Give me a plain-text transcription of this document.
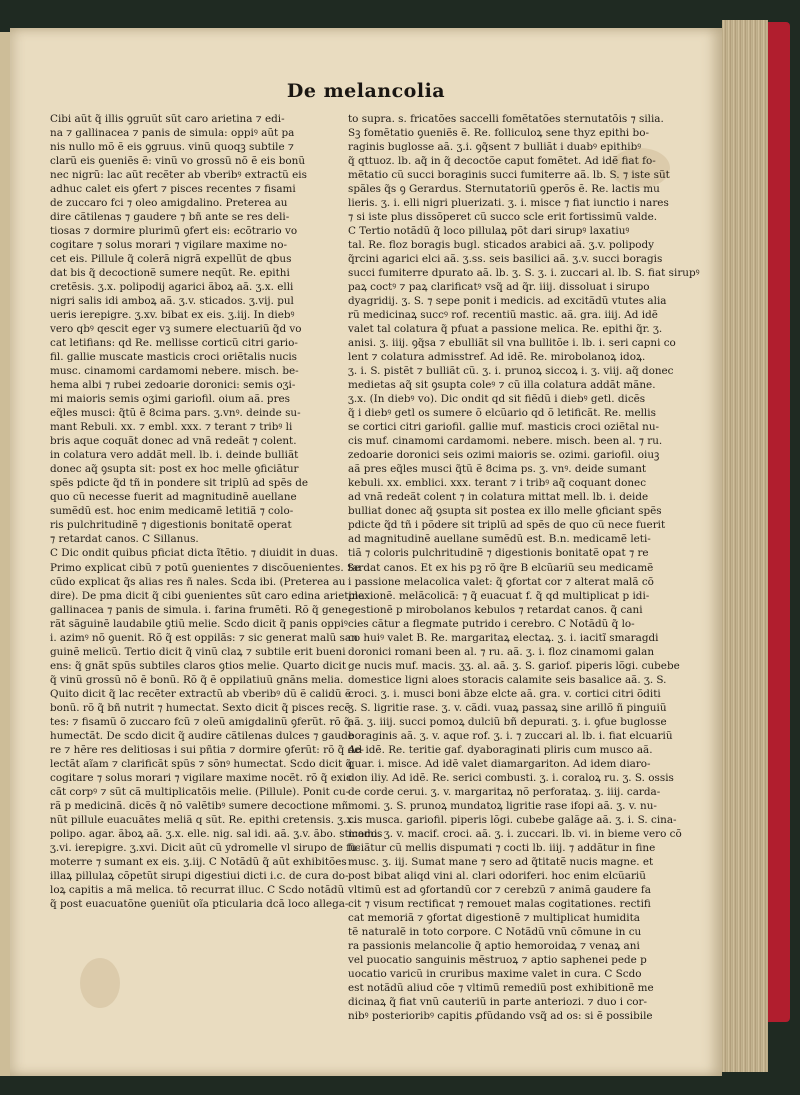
De melancolia

Cibi aũt q̃ illis ꝯgruũt sũt caro arietina ⁊ edi-

na ⁊ gallinacea ⁊ panis de simula: oppiꝰ aũt pa

nis nullo mõ ẽ eis ꝯgruus. vinũ quoqꝫ subtile ⁊

clarũ eis ꝯueniẽs ẽ: vinũ vo grossũ nõ ẽ eis bonũ

nec nigrũ: lac aũt recẽter ab vberibꝰ extractũ eis

adhuc calet eis ꝯfert ⁊ pisces recentes ⁊ fisami

de zuccaro fci ⁊ oleo amigdalino. Preterea au

dire cãtilenas ⁊ gaudere ⁊ bñ ante se res deli-

tiosas ⁊ dormire plurimũ ꝯfert eis: ecõtrario vo

cogitare ⁊ solus morari ⁊ vigilare maxime no-

cet eis. Pillule q̃ colerã nigrã expellũt de qbus

dat bis q̃ decoctionẽ sumere neqũt. Re. epithi

cretẽsis. ʒ.x. polipodij agarici ãboꝝ aã. ʒ.x. elli

nigri salis idi amboꝝ aã. ʒ.v. sticados. ʒ.vij. pul

ueris ierepigre. ʒ.xv. bibat ex eis. ʒ.iij. In diebꝰ

vero qbꝰ qescit eger vꝫ sumere electuariũ q̃d vo

cat letifians: qd Re. mellisse corticũ citri gario-

fil. gallie muscate masticis croci oriẽtalis nucis

musc. cinamomi cardamomi nebere. misch. be-

hema albi ⁊ rubei zedoarie doronici: semis oʒi-

mi maioris semis oʒimi gariofil. oium aã. pres

eq̃les musci: q̃tũ ẽ 8cima pars. ʒ.vnꝰ. deinde su-

mant Rebuli. xx. ⁊ embl. xxx. ⁊ terant ⁊ tribꝰ li

bris aque coquãt donec ad vnã redeãt ⁊ colent.

in colatura vero addãt mell. lb. i. deinde bulliãt

donec aq̃ ꝯsupta sit: post ex hoc melle ꝯficiãtur

spẽs pdicte q̃d tñ in pondere sit triplũ ad spẽs de

quo cũ necesse fuerit ad magnitudinẽ auellane

sumẽdũ est. hoc enim medicamẽ letitiã ⁊ colo-

ris pulchritudinẽ ⁊ digestionis bonitatẽ operat

⁊ retardat canos. C Sillanus.

C Dic ondit quibus pficiat dicta ĩtẽtio. ⁊ diuidit in duas.

Primo explicat cibũ ⁊ potũ ꝯuenientes ⁊ discõuenientes. Se

cũdo explicat q̃s alias res ñ nales. Scda ibi. (Preterea au

dire). De pma dicit q̃ cibi ꝯuenientes sũt caro edina arietina

gallinacea ⁊ panis de simula. i. farina frumẽti. Rõ q̃ gene-

rãt sãguinẽ laudabile ꝯtiũ melie. Scdo dicit q̃ panis oppiꝰ

i. azimꝰ nõ ꝯuenit. Rõ q̃ est oppilãs: ⁊ sic generat malũ san

guinẽ melicũ. Tertio dicit q̃ vinũ claꝝ ⁊ subtile erit bueni

ens: q̃ gnãt spũs subtiles claros ꝯtios melie. Quarto dicit

q̃ vinũ grossũ nõ ẽ bonũ. Rõ q̃ ẽ oppilatiuũ gnãns melia.

Quito dicit q̃ lac recẽter extractũ ab vberibꝰ dũ ẽ calidũ ẽ

bonũ. rõ q̃ bñ nutrit ⁊ humectat. Sexto dicit q̃ pisces recẽ

tes: ⁊ fisamũ õ zuccaro fcũ ⁊ oleũ amigdalinũ ꝯferũt. rõ q̃

humectãt. De scdo dicit q̃ audire cãtilenas dulces ⁊ gaude

re ⁊ hẽre res delitiosas i sui pñtia ⁊ dormire ꝯferũt: rõ q̃ de-

lectãt aĩam ⁊ clarificãt spũs ⁊ sõnꝰ humectat. Scdo dicit q̃

cogitare ⁊ solus morari ⁊ vigilare maxime nocẽt. rõ q̃ exic

cãt corpꝰ ⁊ sũt cã multiplicatõis melie. (Pillule). Ponit cu-

rã p medicinã. dicẽs q̃ nõ valẽtibꝰ sumere decoctione mñ

nũt pillule euacuãtes meliã q sũt. Re. epithi cretensis. ʒ.x.

polipo. agar. ãboꝝ aã. ʒ.x. elle. nig. sal idi. aã. ʒ.v. ãbo. sticados

ʒ.vi. ierepigre. ʒ.xvi. Dicit aũt cũ ydromelle vl sirupo de fu-

moterre ⁊ sumant ex eis. ʒ.iij. C Notãdũ q̃ aũt exhibitões

illaꝝ pillulaꝝ cõpetũt sirupi digestiui dicti i.c. de cura do-

loꝝ capitis a mã melica. tõ recurrat illuc. C Scdo notãdũ

q̃ post euacuatõne ꝯueniũt oĩa pticularia dcã loco allega-

to supra. s. fricatões saccelli fomẽtatões sternutatõis ⁊ silia.

Sꝫ fomẽtatio ꝯueniẽs ẽ. Re. folliculoꝝ sene thyz epithi bo-

raginis buglosse aã. ʒ.i. ꝯq̃sent ⁊ bulliãt i duabꝰ epithibꝰ

q̃ qttuoz. lb. aq̃ in q̃ decoctõe caput fomẽtet. Ad idẽ fiat fo-

mẽtatio cũ succi boraginis succi fumiterre aã. lb. S. ⁊ iste sũt

spãles q̃s ꝯ Gerardus. Sternutatoriũ ꝯperõs ẽ. Re. lactis mu

lieris. ʒ. i. elli nigri pluerizati. ʒ. i. misce ⁊ fiat iunctio i nares

⁊ si iste plus dissõperet cũ succo scle erit fortissimũ valde.

C Tertio notãdũ q̃ loco pillulaꝝ põt dari sirupꝰ laxatiuꝰ

tal. Re. floz boragis bugl. sticados arabici aã. ʒ.v. polipody

q̃rcini agarici elci aã. ʒ.ss. seis basilici aã. ʒ.v. succi boragis

succi fumiterre dpurato aã. lb. ʒ. S. ʒ. i. zuccari al. lb. S. fiat sirupꝰ

paꝝ coctꝰ ⁊ paꝝ clarificatꝰ vsq̃ ad q̃r. iiij. dissoluat i sirupo

dyagridij. ʒ. S. ⁊ sepe ponit i medicis. ad excitãdũ vtutes alia

rũ medicinaꝝ succꝰ rof. recentiũ mastic. aã. gra. iiij. Ad idẽ

valet tal colatura q̃ pfuat a passione melica. Re. epithi q̃r. ʒ.

anisi. ʒ. iiij. ꝯq̃sa ⁊ ebulliãt sil vna bullitõe i. lb. i. seri capni co

lent ⁊ colatura admisstref. Ad idẽ. Re. mirobolanoꝝ idoꝝ.

ʒ. i. S. pistẽt ⁊ bulliãt cũ. ʒ. i. prunoꝝ siccoꝝ i. ʒ. viij. aq̃ donec

medietas aq̃ sit ꝯsupta coleꝰ ⁊ cũ illa colatura addãt mãne.

ʒ.x. (In diebꝰ vo). Dic ondit qd sit fiẽdũ i diebꝰ getl. dicẽs

q̃ i diebꝰ getl os sumere õ elcũario qd õ letificãt. Re. mellis

se cortici citri gariofil. gallie muf. masticis croci oziẽtal nu-

cis muf. cinamomi cardamomi. nebere. misch. been al. ⁊ ru.

zedoarie doronici seis ozimi maioris se. ozimi. gariofil. oiuꝫ

aã pres eq̃les musci q̃tũ ẽ 8cima ps. ʒ. vnꝰ. deide sumant

kebuli. xx. emblici. xxx. terant ⁊ i tribꝰ aq̃ coquant donec

ad vnã redeãt colent ⁊ in colatura mittat mell. lb. i. deide

bulliat donec aq̃ ꝯsupta sit postea ex illo melle ꝯficiant spẽs

pdicte q̃d tñ i põdere sit triplũ ad spẽs de quo cũ nece fuerit

ad magnitudinẽ auellane sumẽdũ est. B.n. medicamẽ leti-

tiã ⁊ coloris pulchritudinẽ ⁊ digestionis bonitatẽ opat ⁊ re

tardat canos. Et ex his pꝫ rõ q̃re B elcũariũ seu medicamẽ

i passione melacolica valet: q̃ ꝯfortat cor ⁊ alterat malã cõ

plexionẽ. melãcolicã: ⁊ q̃ euacuat f. q̃ qd multiplicat p idi-

gestionẽ p mirobolanos kebulos ⁊ retardat canos. q̃ cani

cies cãtur a flegmate putrido i cerebro. C Notãdũ q̃ lo-

co huiꝰ valet B. Re. margaritaꝝ electaꝝ. ʒ. i. iacitĩ smaragdi

doronici romani been al. ⁊ ru. aã. ʒ. i. floz cinamomi galan

ge nucis muf. macis. ʒʒ. al. aã. ʒ. S. gariof. piperis lõgi. cubebe

domestice ligni aloes storacis calamite seis basalice aã. ʒ. S.

croci. ʒ. i. musci boni ãbze elcte aã. gra. v. cortici citri õditi

ʒ. S. ligritie rase. ʒ. v. cãdi. vuaꝝ passaꝝ sine arillõ ñ pinguiũ

aã. ʒ. iiij. succi pomoꝝ dulciũ bñ depurati. ʒ. i. ꝯfue buglosse

boraginis aã. ʒ. v. aque rof. ʒ. i. ⁊ zuccari al. lb. i. fiat elcuariũ

Ad idẽ. Re. teritie gaf. dyaboraginati pliris cum musco aã.

quar. i. misce. Ad idẽ valet diamargariton. Ad idem diaro-

don iliy. Ad idẽ. Re. serici combusti. ʒ. i. coraloꝝ ru. ʒ. S. ossis

de corde cerui. ʒ. v. margaritaꝝ nõ perforataꝝ. ʒ. iiij. carda-

momi. ʒ. S. prunoꝝ mundatoꝝ ligritie rase ifopi aã. ʒ. v. nu-

cis musca. gariofil. piperis lõgi. cubebe galãge aã. ʒ. i. S. cina-

momi. ʒ. v. macif. croci. aã. ʒ. i. zuccari. lb. vi. in bieme vero cõ

ficiãtur cũ mellis dispumati ⁊ cocti lb. iiij. ⁊ addãtur in fine

musc. ʒ. iij. Sumat mane ⁊ sero ad q̃titatẽ nucis magne. et

post bibat aliqd vini al. clari odoriferi. hoc enim elcũariũ

vltimũ est ad ꝯfortandũ cor ⁊ cerebzũ ⁊ animã gaudere fa

cit ⁊ visum rectificat ⁊ remouet malas cogitationes. rectifi

cat memoriã ⁊ ꝯfortat digestionẽ ⁊ multiplicat humidita

tẽ naturalẽ in toto corpore. C Notãdũ vnũ cõmune in cu

ra passionis melancolie q̃ aptio hemoroidaꝝ ⁊ venaꝝ ani

vel puocatio sanguinis mẽstruoꝝ ⁊ aptio saphenei pede p

uocatio varicũ in cruribus maxime valet in cura. C Scdo

est notãdũ aliud cõe ⁊ vltimũ remediũ post exhibitionẽ me

dicinaꝝ q̃ fiat vnũ cauteriũ in parte anteriozi. ⁊ duo i cor-

nibꝰ posterioribꝰ capitis ꝓfũdando vsq̃ ad os: si ẽ possibile
